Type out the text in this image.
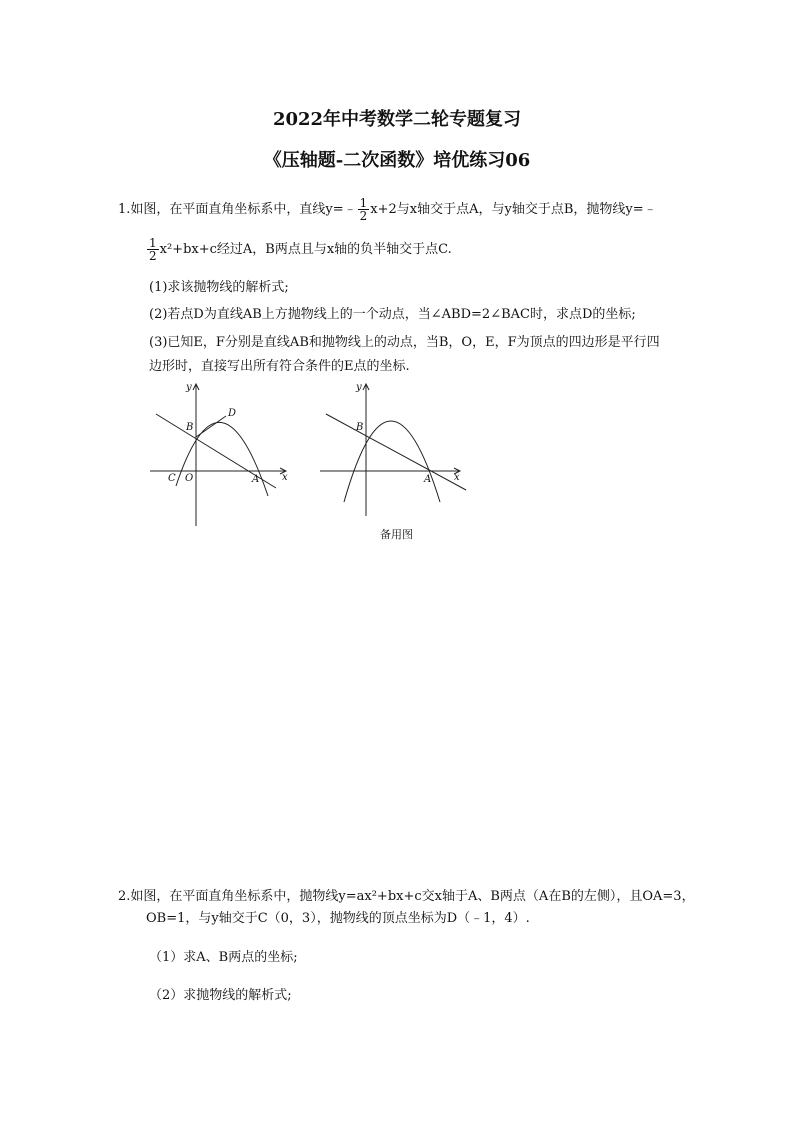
2022年中考数学二轮专题复习
《压轴题-二次函数》培优练习06
1.如图，在平面直角坐标系中，直线y=﹣ $\frac{1}{2} x+2$与x轴交于点A，与y轴交于点B，抛物线y=﹣
$\frac{1}{2} x^2+bx+c$经过A，B两点且与x轴的负半轴交于点C.
(1)求该抛物线的解析式;
(2)若点D为直线AB上方抛物线上的一个动点，当∠ABD=2∠BAC时，求点D的坐标;
(3)已知E，F分别是直线AB和抛物线上的动点，当B，O，E，F为顶点的四边形是平行四
边形时，直接写出所有符合条件的E点的坐标.
y
x
B
D
C O	A
y
x
B
A
备用图
2.如图，在平面直角坐标系中，抛物线y=ax²+bx+c交x轴于A、B两点（A在B的左侧），且OA=3，
OB=1，与y轴交于C（0，3），抛物线的顶点坐标为D（﹣1，4）.
（1）求A、B两点的坐标;
（2）求抛物线的解析式;
